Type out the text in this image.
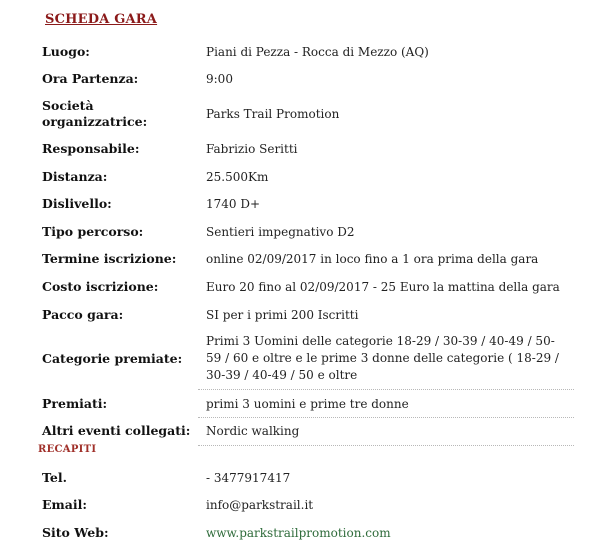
SCHEDA GARA
Luogo:	Piani di Pezza - Rocca di Mezzo (AQ)
Ora Partenza:	9:00
Società organizzatrice:	Parks Trail Promotion
Responsabile:	Fabrizio Seritti
Distanza:	25.500Km
Dislivello:	1740 D+
Tipo percorso:	Sentieri impegnativo D2
Termine iscrizione:	online 02/09/2017 in loco fino a 1 ora prima della gara
Costo iscrizione:	Euro 20 fino al 02/09/2017 - 25 Euro la mattina della gara
Pacco gara:	SI per i primi 200 Iscritti
Categorie premiate:	Primi 3 Uomini delle categorie 18-29 / 30-39 / 40-49 / 50-59 / 60 e oltre e le prime 3 donne delle categorie ( 18-29 / 30-39 / 40-49 / 50 e oltre
Premiati:	primi 3 uomini e prime tre donne
Altri eventi collegati:	Nordic walking
RECAPITI
Tel.	- 3477917417
Email:	info@parkstrail.it
Sito Web:	www.parkstrailpromotion.com
